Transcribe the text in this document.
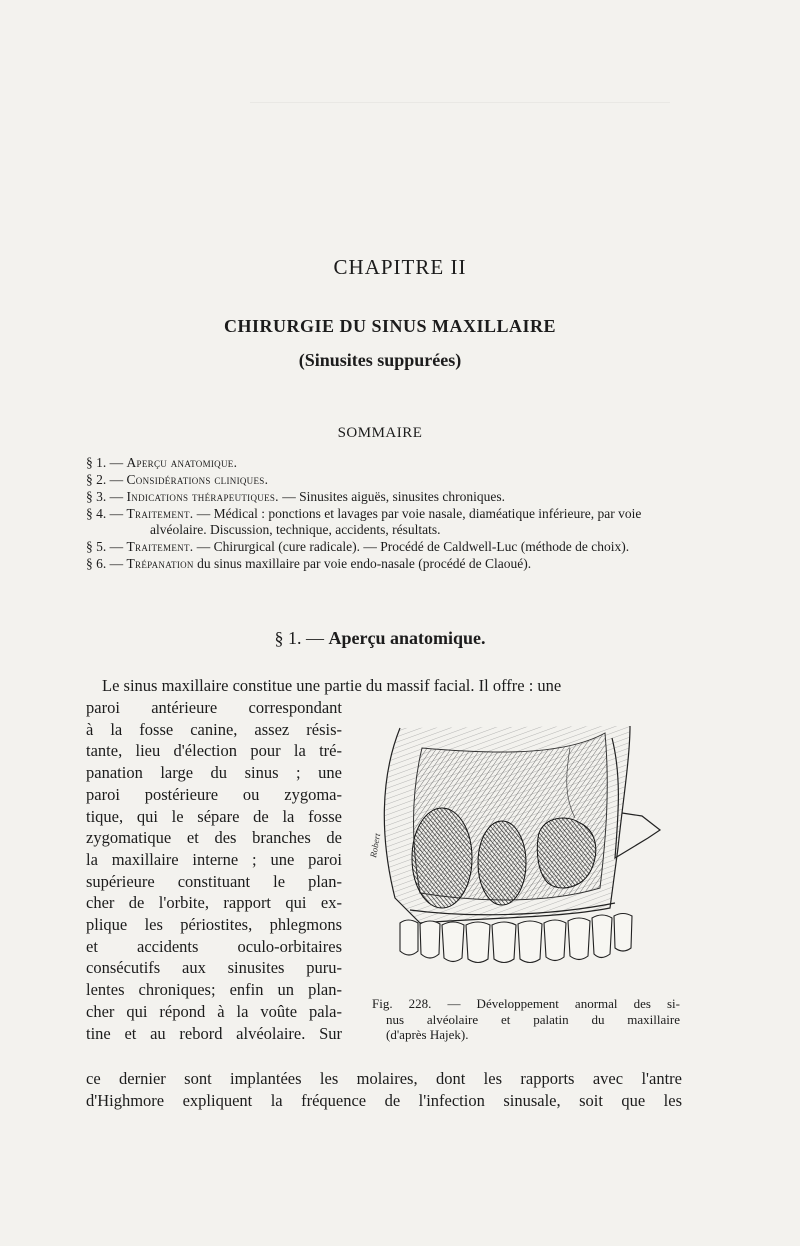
CHAPITRE II
CHIRURGIE DU SINUS MAXILLAIRE
(Sinusites suppurées)
SOMMAIRE
§ 1. — Aperçu anatomique.
§ 2. — Considérations cliniques.
§ 3. — Indications thérapeutiques. — Sinusites aiguës, sinusites chroniques.
§ 4. — Traitement. — Médical : ponctions et lavages par voie nasale, diaméatique inférieure, par voie alvéolaire. Discussion, technique, accidents, résultats.
§ 5. — Traitement. — Chirurgical (cure radicale). — Procédé de Caldwell-Luc (méthode de choix).
§ 6. — Trépanation du sinus maxillaire par voie endo-nasale (procédé de Claoué).
§ 1. — Aperçu anatomique.
Le sinus maxillaire constitue une partie du massif facial. Il offre : une
paroi antérieure correspondant
à la fosse canine, assez résis-
tante, lieu d'élection pour la tré-
panation large du sinus ; une
paroi postérieure ou zygoma-
tique, qui le sépare de la fosse
zygomatique et des branches de
la maxillaire interne ; une paroi
supérieure constituant le plan-
cher de l'orbite, rapport qui ex-
plique les périostites, phlegmons
et accidents oculo-orbitaires
consécutifs aux sinusites puru-
lentes chroniques; enfin un plan-
cher qui répond à la voûte pala-
tine et au rebord alvéolaire. Sur
ce dernier sont implantées les molaires, dont les rapports avec l'antre
d'Highmore expliquent la fréquence de l'infection sinusale, soit que les
Robert
Fig. 228. — Développement anormal des si-
nus alvéolaire et palatin du maxillaire
(d'après Hajek).
